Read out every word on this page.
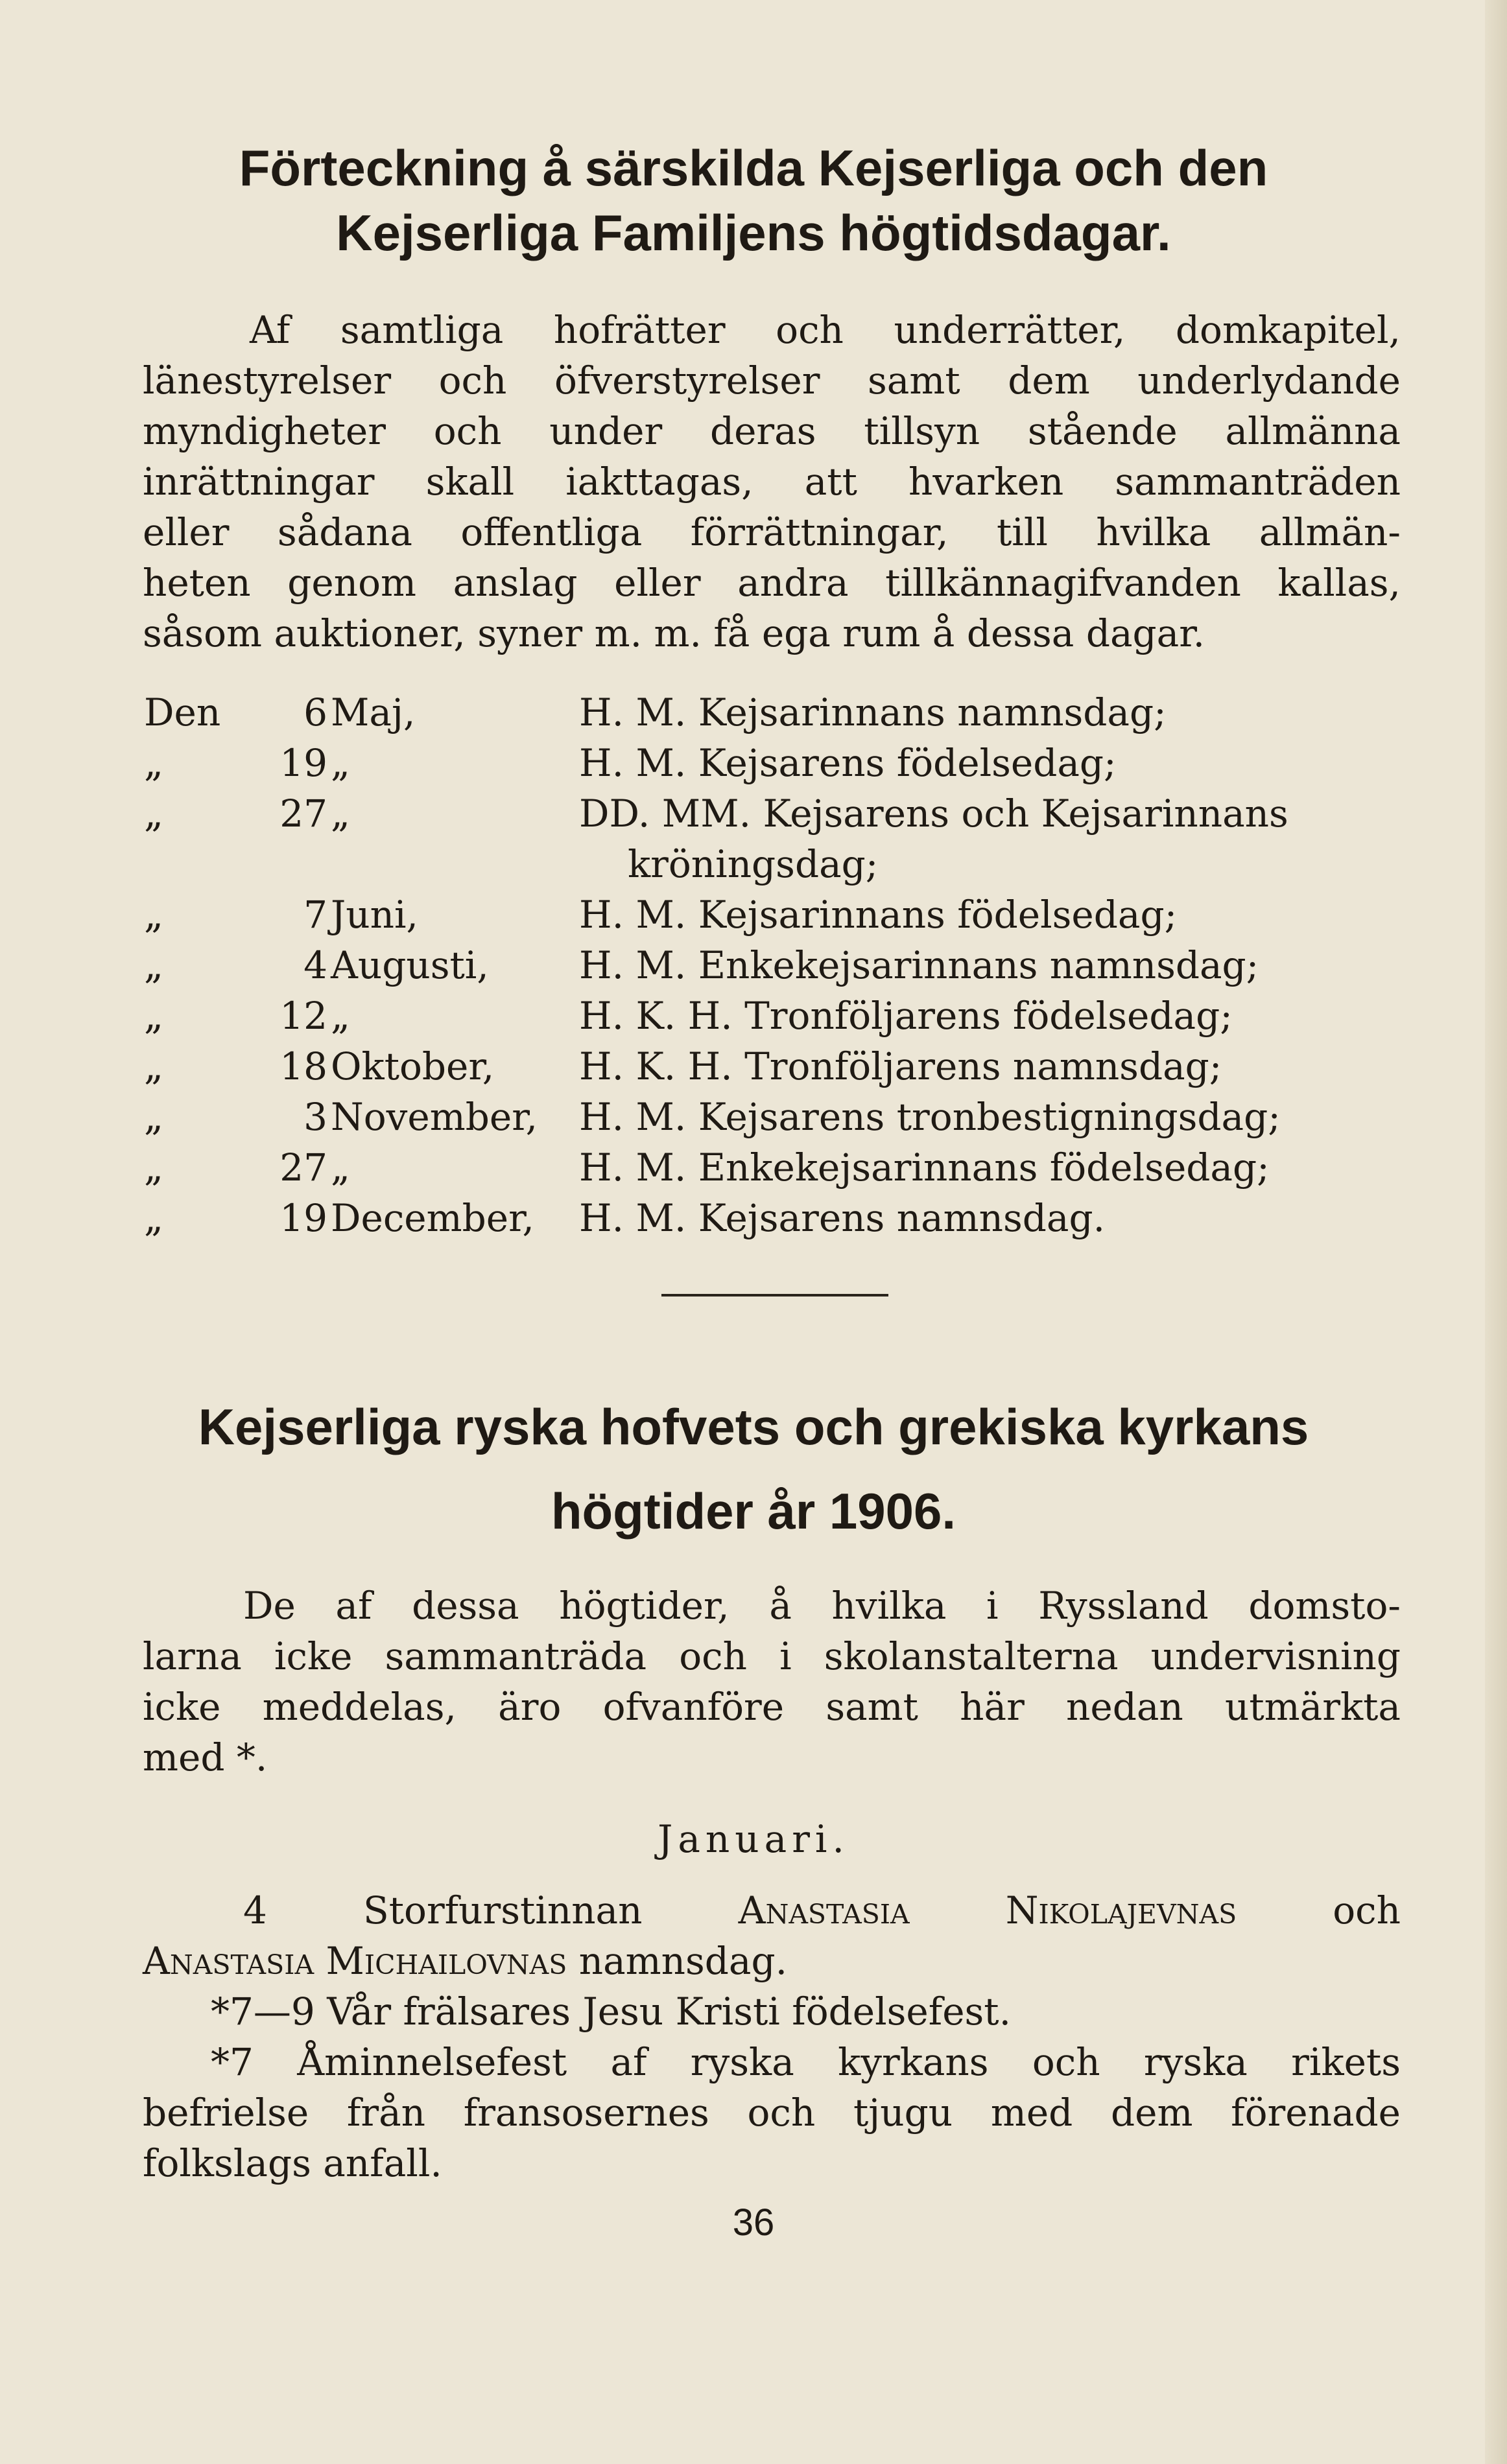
Förteckning å särskilda Kejserliga och den
Kejserliga Familjens högtidsdagar.
Af samtliga hofrätter och underrätter, domkapitel,
länestyrelser och öfverstyrelser samt dem underlydande
myndigheter och under deras tillsyn stående allmänna
inrättningar skall iakttagas, att hvarken sammanträden
eller sådana offentliga förrättningar, till hvilka allmän-
heten genom anslag eller andra tillkännagifvanden kallas,
såsom auktioner, syner m. m. få ega rum å dessa dagar.
Den	6 Maj,	H. M. Kejsarinnans namnsdag;
„	19 „	H. M. Kejsarens födelsedag;
„	27 „	DD. MM. Kejsarens och Kejsarinnans
kröningsdag;
„	7 Juni,	H. M. Kejsarinnans födelsedag;
„	4 Augusti, H. M. Enkekejsarinnans namnsdag;
„	12 „	H. K. H. Tronföljarens födelsedag;
„	18 Oktober, H. K. H. Tronföljarens namnsdag;
„	3 November, H. M. Kejsarens tronbestigningsdag;
„	27 „	H. M. Enkekejsarinnans födelsedag;
„	19 December, H. M. Kejsarens namnsdag.
Kejserliga ryska hofvets och grekiska kyrkans
högtider år 1906.
De af dessa högtider, å hvilka i Ryssland domsto-
larna icke sammanträda och i skolanstalterna undervisning
icke meddelas, äro ofvanföre samt här nedan utmärkta
med *.
Januari.
4	Storfurstinnan	Anastasia	Nikolajevnas	och
Anastasia Michailovnas namnsdag.
*7—9 Vår frälsares Jesu Kristi födelsefest.
*7 Åminnelsefest af ryska kyrkans och ryska rikets
befrielse från fransosernes och tjugu med dem förenade
folkslags anfall.
36
